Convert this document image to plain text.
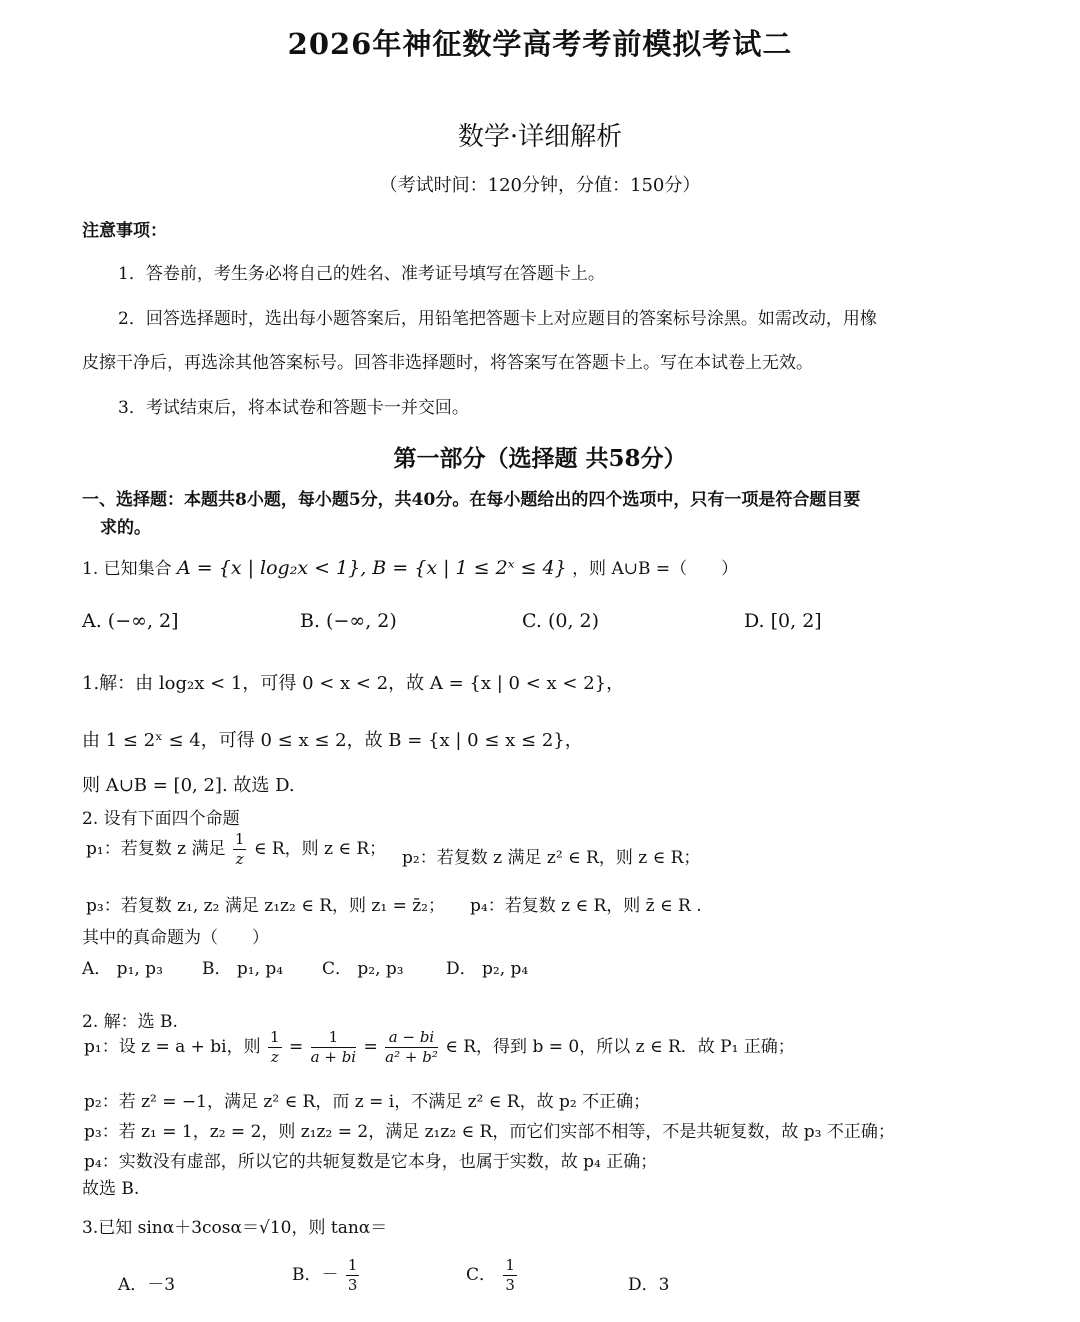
2026年神征数学高考考前模拟考试二
数学·详细解析
（考试时间：120分钟，分值：150分）
注意事项：
1．答卷前，考生务必将自己的姓名、准考证号填写在答题卡上。
2．回答选择题时，选出每小题答案后，用铅笔把答题卡上对应题目的答案标号涂黑。如需改动，用橡
皮擦干净后，再选涂其他答案标号。回答非选择题时，将答案写在答题卡上。写在本试卷上无效。
3．考试结束后，将本试卷和答题卡一并交回。
第一部分（选择题 共58分）
一、选择题：本题共8小题，每小题5分，共40分。在每小题给出的四个选项中，只有一项是符合题目要
求的。
1. 已知集合 A = {x | log₂x < 1}, B = {x | 1 ≤ 2ˣ ≤ 4} ，则 A∪B =（　　）
A. (−∞, 2]	B. (−∞, 2)	C. (0, 2)	D. [0, 2]
1.解：由 log₂x < 1，可得 0 < x < 2，故 A = {x | 0 < x < 2}，
由 1 ≤ 2ˣ ≤ 4，可得 0 ≤ x ≤ 2，故 B = {x | 0 ≤ x ≤ 2}，
则 A∪B = [0, 2]. 故选 D.
2. 设有下面四个命题
p₁：若复数 z 满足 $\frac{1}{z}$ ∈ R，则 z ∈ R； p₂：若复数 z 满足 z² ∈ R，则 z ∈ R；
p₃：若复数 z₁, z₂ 满足 z₁z₂ ∈ R，则 z₁ = z̄₂； p₄：若复数 z ∈ R，则 z̄ ∈ R .
其中的真命题为（　　）
A． p₁, p₃ B． p₁, p₄ C． p₂, p₃ D． p₂, p₄
2. 解：选 B.
p₁：设 z = a + bi，则 $\frac{1}{z} = \frac{1}{a + bi} = \frac{a - bi}{\text{a² + b²}}$ ∈ R，得到 b = 0，所以 z ∈ R．故 P₁ 正确；
p₂：若 z² = −1，满足 z² ∈ R，而 z = i，不满足 z² ∈ R，故 p₂ 不正确；
p₃：若 z₁ = 1，z₂ = 2，则 z₁z₂ = 2，满足 z₁z₂ ∈ R，而它们实部不相等，不是共轭复数，故 p₃ 不正确；
p₄：实数没有虚部，所以它的共轭复数是它本身，也属于实数，故 p₄ 正确；
故选 B.
3.已知 sinα＋3cosα＝√10，则 tanα＝
A．－3	B．－ $\frac{1}{3}$	C． $\frac{1}{3}$	D．3
